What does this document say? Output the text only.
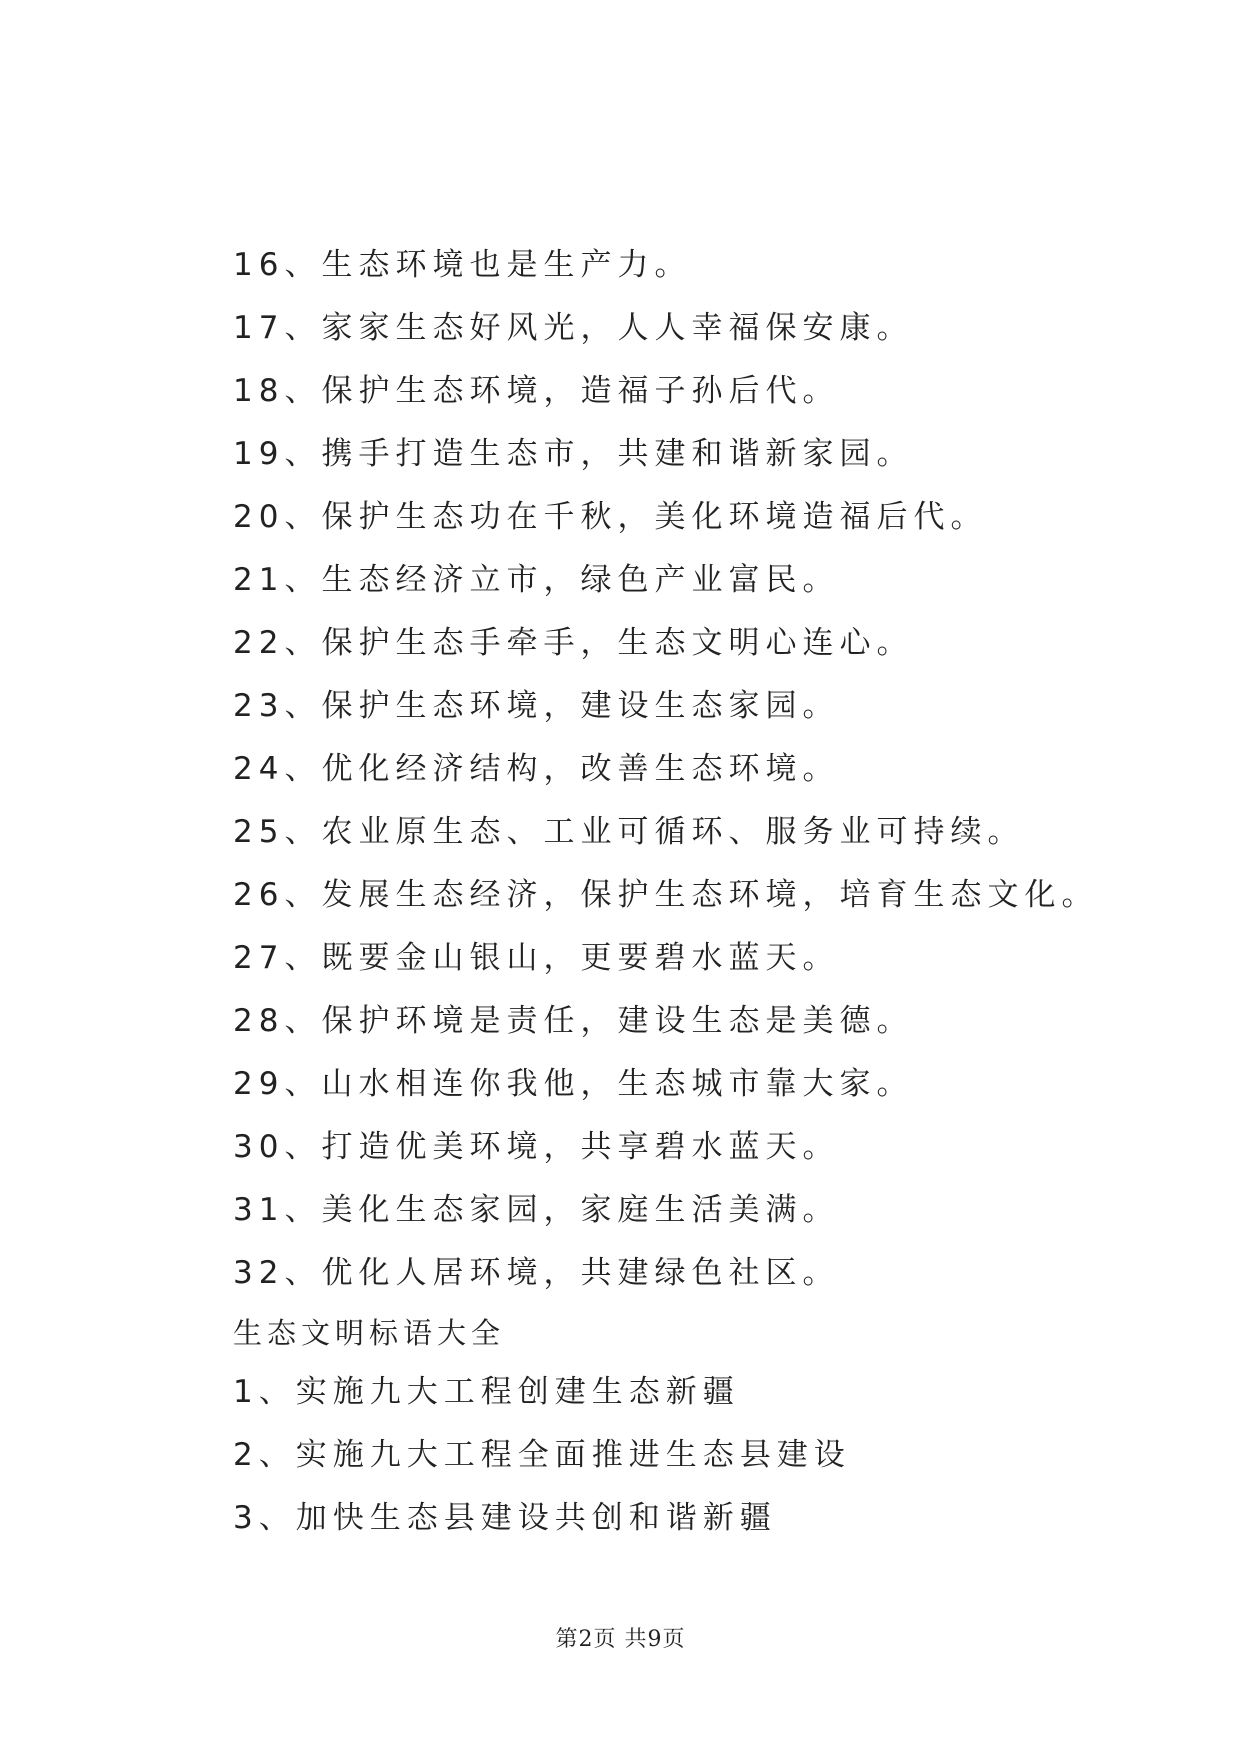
16、生态环境也是生产力。
17、家家生态好风光，人人幸福保安康。
18、保护生态环境，造福子孙后代。
19、携手打造生态市，共建和谐新家园。
20、保护生态功在千秋，美化环境造福后代。
21、生态经济立市，绿色产业富民。
22、保护生态手牵手，生态文明心连心。
23、保护生态环境，建设生态家园。
24、优化经济结构，改善生态环境。
25、农业原生态、工业可循环、服务业可持续。
26、发展生态经济，保护生态环境，培育生态文化。
27、既要金山银山，更要碧水蓝天。
28、保护环境是责任，建设生态是美德。
29、山水相连你我他，生态城市靠大家。
30、打造优美环境，共享碧水蓝天。
31、美化生态家园，家庭生活美满。
32、优化人居环境，共建绿色社区。
生态文明标语大全
1、实施九大工程创建生态新疆
2、实施九大工程全面推进生态县建设
3、加快生态县建设共创和谐新疆
第2页 共9页
